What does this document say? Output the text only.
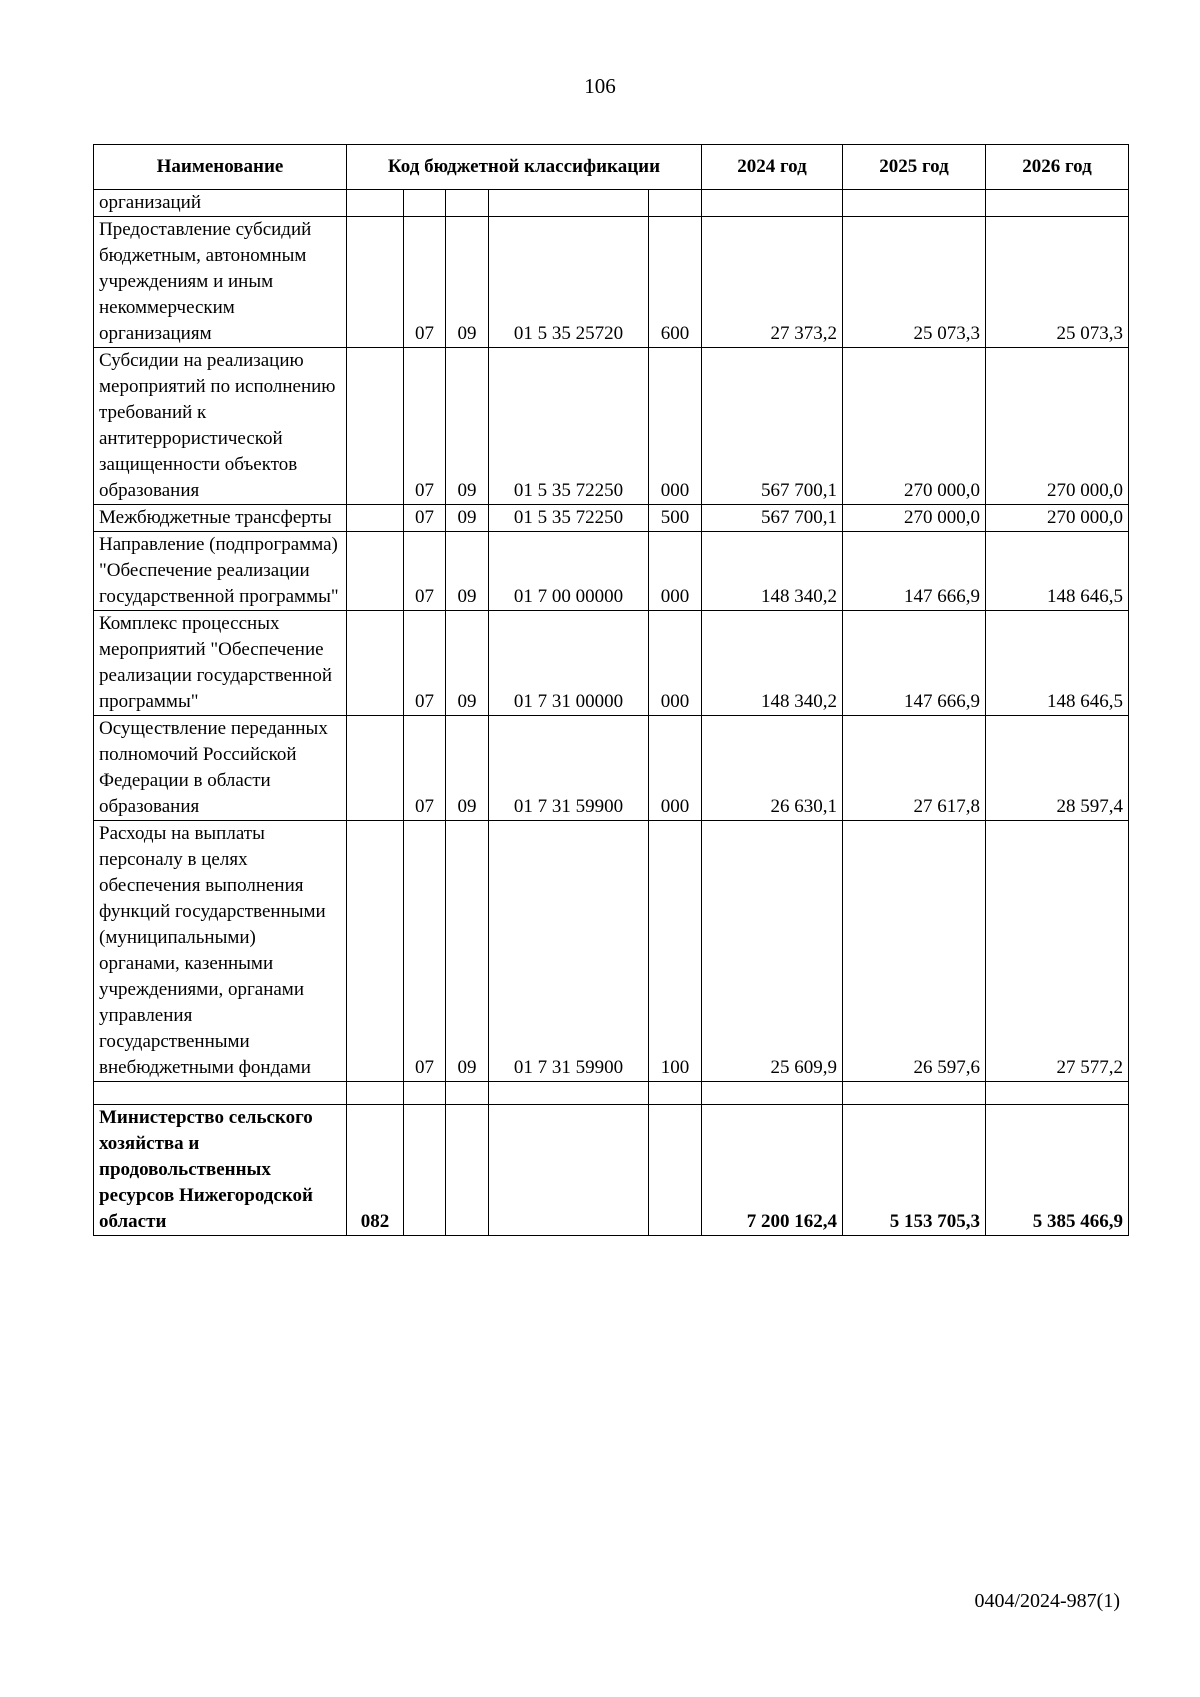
106
Наименование	Код бюджетной классификации					2024 год	2025 год	2026 год
организаций								
Предоставление субсидий бюджетным, автономным учреждениям и иным некоммерческим организациям		07	09	01 5 35 25720	600	27 373,2	25 073,3	25 073,3
Субсидии на реализацию мероприятий по исполнению требований к антитеррористической защищенности объектов образования		07	09	01 5 35 72250	000	567 700,1	270 000,0	270 000,0
Межбюджетные трансферты		07	09	01 5 35 72250	500	567 700,1	270 000,0	270 000,0
Направление (подпрограмма) "Обеспечение реализации государственной программы"		07	09	01 7 00 00000	000	148 340,2	147 666,9	148 646,5
Комплекс процессных мероприятий "Обеспечение реализации государственной программы"		07	09	01 7 31 00000	000	148 340,2	147 666,9	148 646,5
Осуществление переданных полномочий Российской Федерации в области образования		07	09	01 7 31 59900	000	26 630,1	27 617,8	28 597,4
Расходы на выплаты персоналу в целях обеспечения выполнения функций государственными (муниципальными) органами, казенными учреждениями, органами управления государственными внебюджетными фондами		07	09	01 7 31 59900	100	25 609,9	26 597,6	27 577,2

Министерство сельского хозяйства и продовольственных ресурсов Нижегородской области	082					7 200 162,4	5 153 705,3	5 385 466,9
0404/2024-987(1)
